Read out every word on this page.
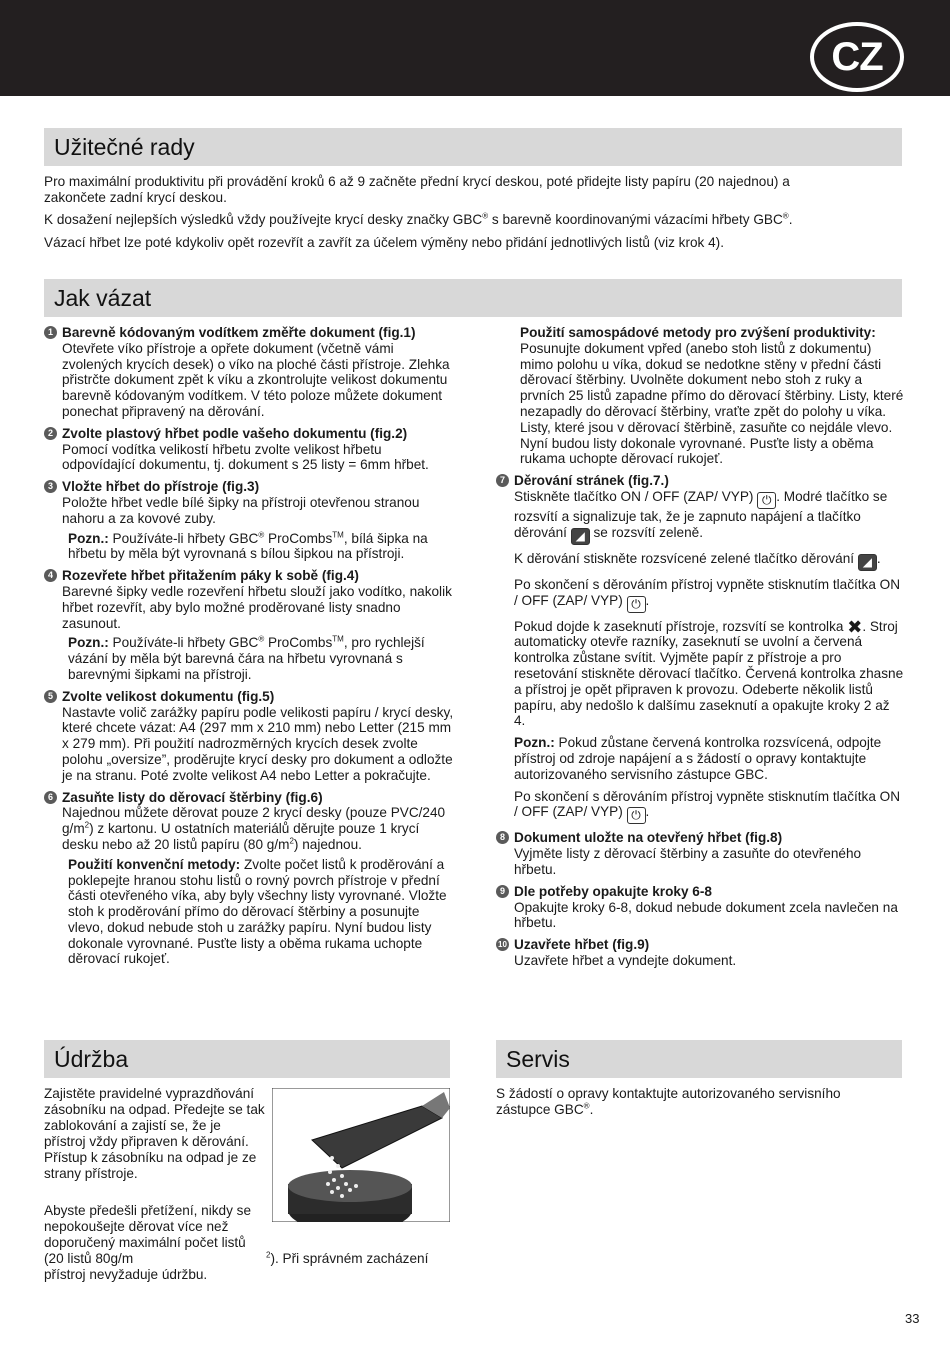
CZ
Užitečné rady

Pro maximální produktivitu při provádění kroků 6 až 9 začněte přední krycí deskou, poté přidejte listy papíru (20 najednou) a zakončete zadní krycí deskou.

K dosažení nejlepších výsledků vždy používejte krycí desky značky GBC® s barevně koordinovanými vázacími hřbety GBC®.

Vázací hřbet lze poté kdykoliv opět rozevřít a zavřít za účelem výměny nebo přidání jednotlivých listů (viz krok 4).

Jak vázat
1 Barevně kódovaným vodítkem změřte dokument (fig.1)
Otevřete víko přístroje a opřete dokument (včetně vámi zvolených krycích desek) o víko na ploché části přístroje. Zlehka přistrčte dokument zpět k víku a zkontrolujte velikost dokumentu barevně kódovaným vodítkem. V této poloze můžete dokument ponechat připravený na děrování.
2 Zvolte plastový hřbet podle vašeho dokumentu (fig.2)
Pomocí vodítka velikostí hřbetu zvolte velikost hřbetu odpovídající dokumentu, tj. dokument s 25 listy = 6mm hřbet.
3 Vložte hřbet do přístroje (fig.3)
Položte hřbet vedle bílé šipky na přístroji otevřenou stranou nahoru a za kovové zuby.
Pozn.: Používáte-li hřbety GBC® ProCombs™, bílá šipka na hřbetu by měla být vyrovnaná s bílou šipkou na přístroji.
4 Rozevřete hřbet přitažením páky k sobě (fig.4)
Barevné šipky vedle rozevření hřbetu slouží jako vodítko, nakolik hřbet rozevřít, aby bylo možné proděrované listy snadno zasunout.
Pozn.: Používáte-li hřbety GBC® ProCombs™, pro rychlejší vázání by měla být barevná čára na hřbetu vyrovnaná s barevnými šipkami na přístroji.
5 Zvolte velikost dokumentu (fig.5)
Nastavte volič zarážky papíru podle velikosti papíru / krycí desky, které chcete vázat: A4 (297 mm x 210 mm) nebo Letter (215 mm x 279 mm). Při použití nadrozměrných krycích desek zvolte polohu „oversize”, proděrujte krycí desky pro dokument a odložte je na stranu. Poté zvolte velikost A4 nebo Letter a pokračujte.
6 Zasuňte listy do děrovací štěrbiny (fig.6)
Najednou můžete děrovat pouze 2 krycí desky (pouze PVC/240 $g/m^2$) z kartonu. U ostatních materiálů děrujte pouze 1 krycí desku nebo až 20 listů papíru (80 $g/m^2$) najednou.
Použití konvenční metody: Zvolte počet listů k proděrování a poklepejte hranou stohu listů o rovný povrch přístroje v přední části otevřeného víka, aby byly všechny listy vyrovnané. Vložte stoh k proděrování přímo do děrovací štěrbiny a posunujte vlevo, dokud nebude stoh u zarážky papíru. Nyní budou listy dokonale vyrovnané. Pusťte listy a oběma rukama uchopte děrovací rukojeť.
Použití samospádové metody pro zvýšení produktivity: Posunujte dokument vpřed (anebo stoh listů z dokumentu) mimo polohu u víka, dokud se nedotkne stěny v přední části děrovací štěrbiny. Uvolněte dokument nebo stoh z ruky a prvních 25 listů zapadne přímo do děrovací štěrbiny. Listy, které nezapadly do děrovací štěrbiny, vraťte zpět do polohy u víka. Listy, které jsou v děrovací štěrbině, zasuňte co nejdále vlevo. Nyní budou listy dokonale vyrovnané. Pusťte listy a oběma rukama uchopte děrovací rukojeť.
7 Děrování stránek (fig.7.)
Stiskněte tlačítko ON / OFF (ZAP/ VYP) ⏻ . Modré tlačítko se rozsvítí a signalizuje tak, že je zapnuto napájení a tlačítko děrování ◢ se rozsvítí zeleně.
K děrování stiskněte rozsvícené zelené tlačítko děrování ◢ .
Po skončení s děrováním přístroj vypněte stisknutím tlačítka ON / OFF (ZAP/ VYP) ⏻ .
Pokud dojde k zaseknutí přístroje, rozsvítí se kontrolka ✖. Stroj automaticky otevře razníky, zaseknutí se uvolní a červená kontrolka zůstane svítit. Vyjměte papír z přístroje a pro resetování stiskněte děrovací tlačítko. Červená kontrolka zhasne a přístroj je opět připraven k provozu. Odeberte několik listů papíru, aby nedošlo k dalšímu zaseknutí a opakujte kroky 2 až 4.
Pozn.: Pokud zůstane červená kontrolka rozsvícená, odpojte přístroj od zdroje napájení a s žádostí o opravy kontaktujte autorizovaného servisního zástupce GBC.
Po skončení s děrováním přístroj vypněte stisknutím tlačítka ON / OFF (ZAP/ VYP) ⏻ .
8 Dokument uložte na otevřený hřbet (fig.8)
Vyjměte listy z děrovací štěrbiny a zasuňte do otevřeného hřbetu.
9 Dle potřeby opakujte kroky 6-8
Opakujte kroky 6-8, dokud nebude dokument zcela navlečen na hřbetu.
10 Uzavřete hřbet (fig.9)
Uzavřete hřbet a vyndejte dokument.
Údržba

Zajistěte pravidelné vyprazdňování zásobníku na odpad. Předejte se tak zablokování a zajistí se, že je přístroj vždy připraven k děrování. Přístup k zásobníku na odpad je ze strany přístroje.

Abyste předešli přetížení, nikdy se nepokoušejte děrovat více než doporučený maximální počet listů (20 listů 80g/m	$^2$). Při správném zacházení přístroj nevyžaduje údržbu.
Servis

S žádostí o opravy kontaktujte autorizovaného servisního zástupce GBC®.

33
